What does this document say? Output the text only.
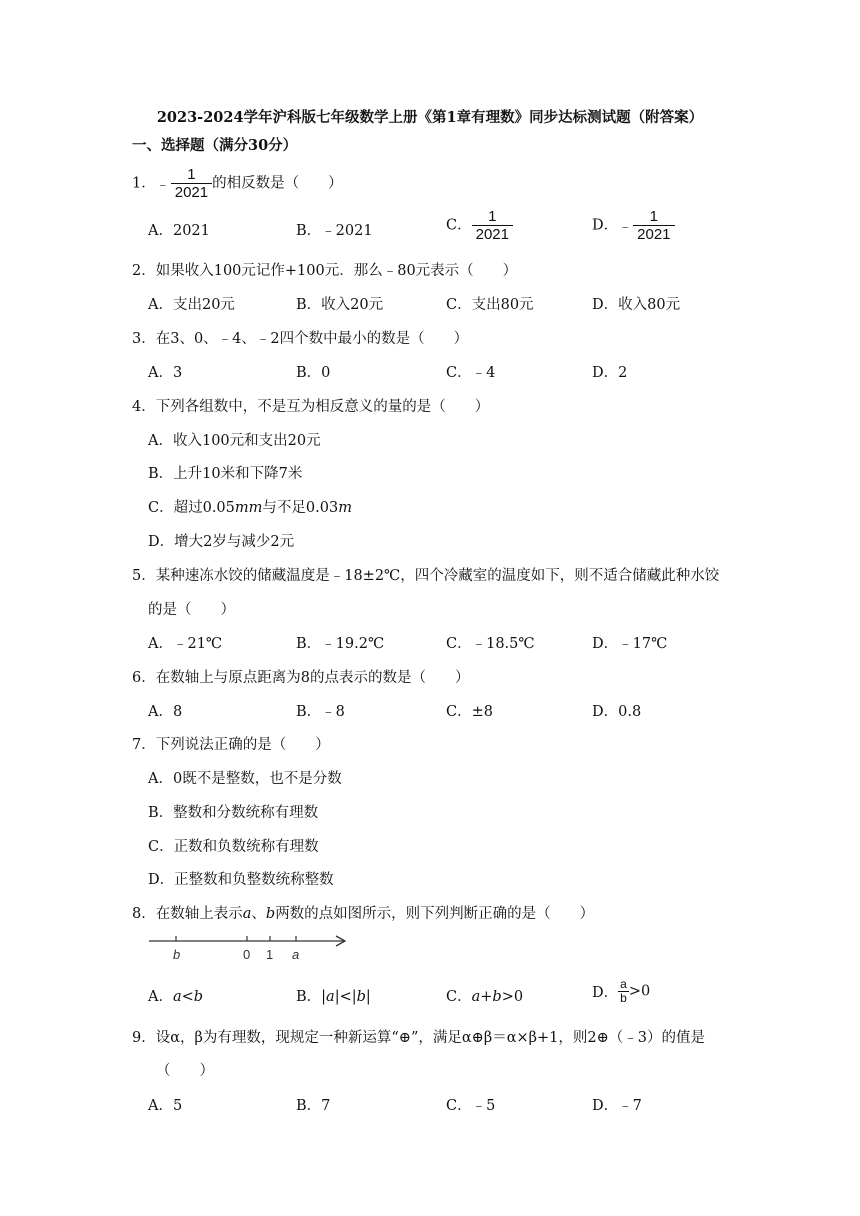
2023-2024学年沪科版七年级数学上册《第1章有理数》同步达标测试题（附答案）
一、选择题（满分30分）
1．﹣ $\frac{1}{2021}$ 的相反数是（　　）
A．2021	B．﹣2021	C． $\frac{1}{2021}$	D．﹣ $\frac{1}{2021}$
2．如果收入100元记作+100元．那么﹣80元表示（　　）
A．支出20元	B．收入20元	C．支出80元	D．收入80元
3．在3、0、﹣4、﹣2四个数中最小的数是（　　）
A．3	B．0	C．﹣4	D．2
4．下列各组数中，不是互为相反意义的量的是（　　）
A．收入100元和支出20元
B．上升10米和下降7米
C．超过0.05mm与不足0.03m
D．增大2岁与减少2元
5．某种速冻水饺的储藏温度是﹣18±2℃，四个冷藏室的温度如下，则不适合储藏此种水饺
的是（　　）
A．﹣21℃	B．﹣19.2℃	C．﹣18.5℃	D．﹣17℃
6．在数轴上与原点距离为8的点表示的数是（　　）
A．8	B．﹣8	C．±8	D．0.8
7．下列说法正确的是（　　）
A．0既不是整数，也不是分数
B．整数和分数统称有理数
C．正数和负数统称有理数
D．正整数和负整数统称整数
8．在数轴上表示a、b两数的点如图所示，则下列判断正确的是（　　）
b	0 1 a
A．a<b	B．|a|<|b|	C．a+b>0	D． $\frac{a}{b} >0$
9．设α，β为有理数，现规定一种新运算“⊕”，满足α⊕β＝α×β+1，则2⊕（﹣3）的值是
（　　）
A．5	B．7	C．﹣5	D．﹣7
